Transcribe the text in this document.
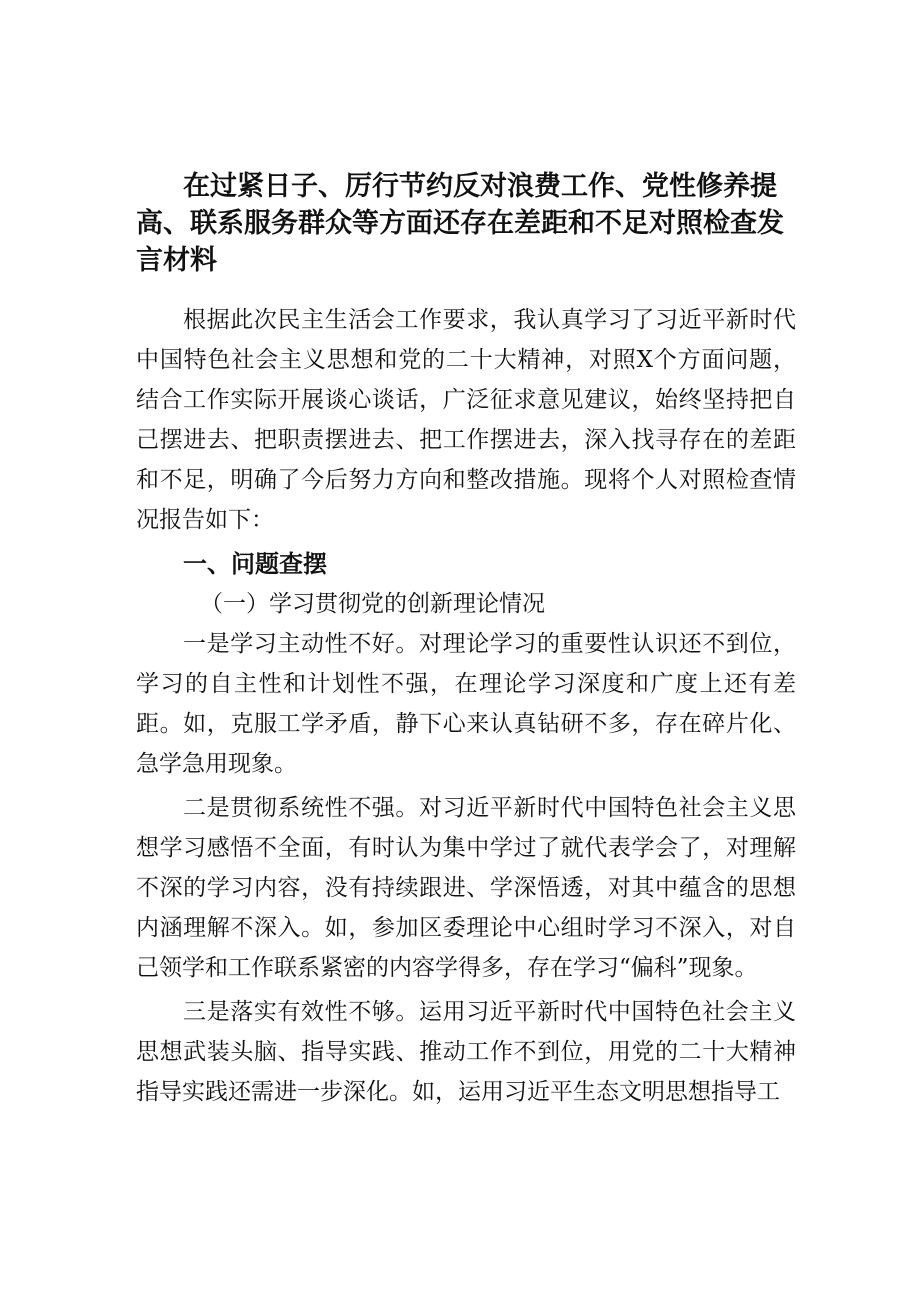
在过紧日子、厉行节约反对浪费工作、党性修养提高、联系服务群众等方面还存在差距和不足对照检查发言材料

根据此次民主生活会工作要求，我认真学习了习近平新时代中国特色社会主义思想和党的二十大精神，对照X个方面问题，结合工作实际开展谈心谈话，广泛征求意见建议，始终坚持把自己摆进去、把职责摆进去、把工作摆进去，深入找寻存在的差距和不足，明确了今后努力方向和整改措施。现将个人对照检查情况报告如下：

一、问题查摆
（一）学习贯彻党的创新理论情况

一是学习主动性不好。对理论学习的重要性认识还不到位，学习的自主性和计划性不强，在理论学习深度和广度上还有差距。如，克服工学矛盾，静下心来认真钻研不多，存在碎片化、急学急用现象。

二是贯彻系统性不强。对习近平新时代中国特色社会主义思想学习感悟不全面，有时认为集中学过了就代表学会了，对理解不深的学习内容，没有持续跟进、学深悟透，对其中蕴含的思想内涵理解不深入。如，参加区委理论中心组时学习不深入，对自己领学和工作联系紧密的内容学得多，存在学习“偏科”现象。

三是落实有效性不够。运用习近平新时代中国特色社会主义思想武装头脑、指导实践、推动工作不到位，用党的二十大精神指导实践还需进一步深化。如，运用习近平生态文明思想指导工
